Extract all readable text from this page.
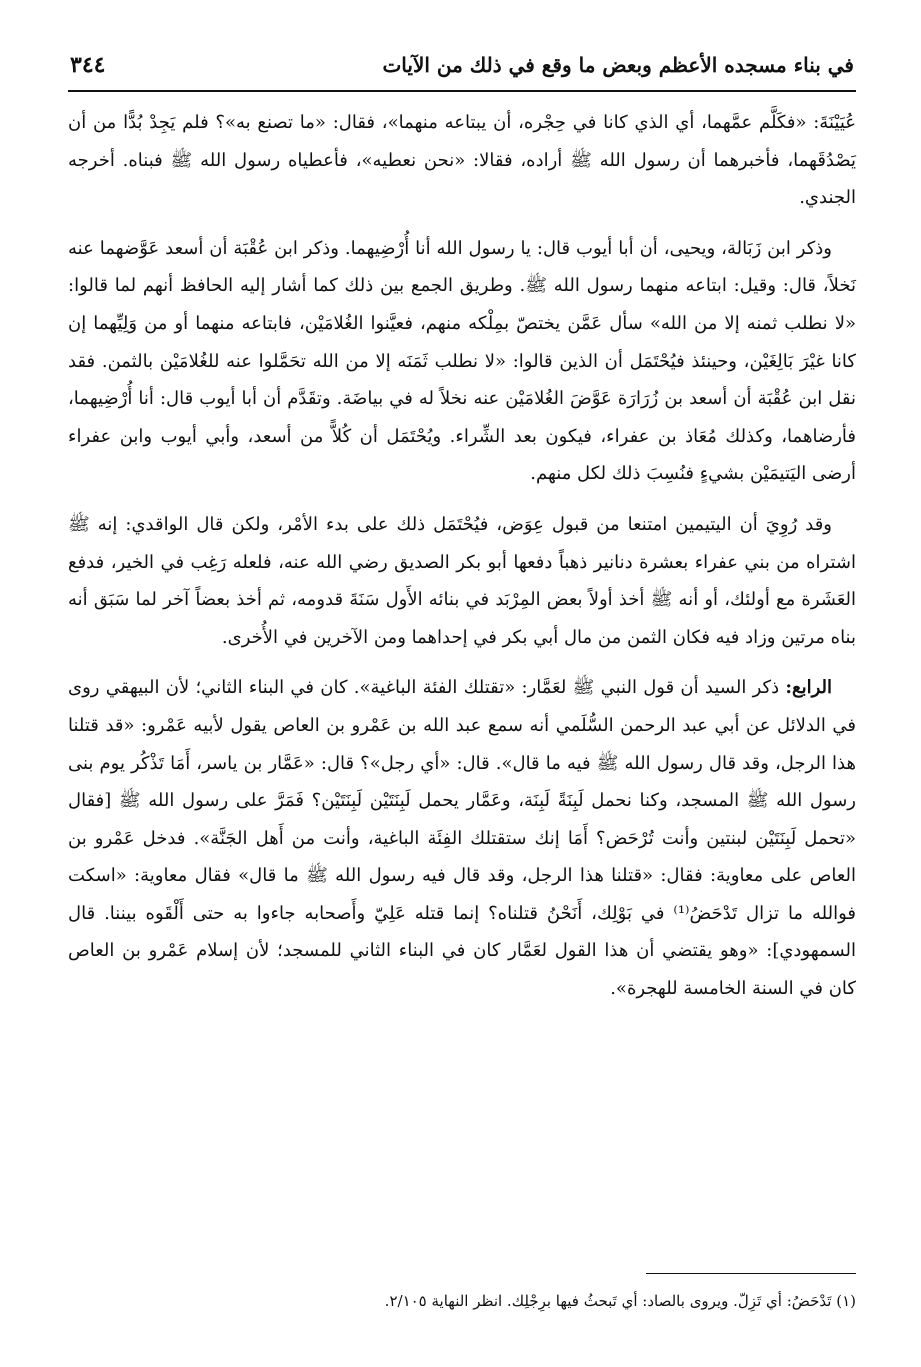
في بناء مسجده الأعظم وبعض ما وقع في ذلك من الآيات
٣٤٤

عُيَيْنَةَ: «فكَلَّم عمَّهما، أي الذي كانا في حِجْره، أن يبتاعه منهما»، فقال: «ما تصنع به»؟ فلم يَجِدْ بُدًّا من أن يَصْدُقَهما، فأخبرهما أن رسول الله ﷺ أراده، فقالا: «نحن نعطيه»، فأعطياه رسول الله ﷺ فبناه. أخرجه الجندي.

وذكر ابن زَبَالة، ويحيى، أن أبا أيوب قال: يا رسول الله أنا أُرْضِيهما. وذكر ابن عُقْبَة أن أسعد عَوَّضهما عنه نَخلاً، قال: وقيل: ابتاعه منهما رسول الله ﷺ. وطريق الجمع بين ذلك كما أشار إليه الحافظ أنهم لما قالوا: «لا نطلب ثمنه إلا من الله» سأل عَمَّن يختصّ بمِلْكه منهم، فعيَّنوا الغُلامَيْن، فابتاعه منهما أو من وَلِيِّهما إن كانا غيْرَ بَالِغَيْن، وحينئذ فيُحْتَمَل أن الذين قالوا: «لا نطلب ثَمَنَه إلا من الله تحَمَّلوا عنه للغُلامَيْن بالثمن. فقد نقل ابن عُقْبَة أن أسعد بن زُرَارَة عَوَّضَ الغُلامَيْن عنه نخلاً له في بياضَة. وتقَدَّم أن أبا أيوب قال: أنا أُرْضِيهما، فأرضاهما، وكذلك مُعَاذ بن عفراء، فيكون بعد الشِّراء. ويُحْتَمَل أن كُلاًّ من أسعد، وأبي أيوب وابن عفراء أرضى اليَتيمَيْن بشيءٍ فنُسِبَ ذلك لكل منهم.

وقد رُوِيَ أن اليتيمين امتنعا من قبول عِوَض، فيُحْتَمَل ذلك على بدء الأمْر، ولكن قال الواقدي: إنه ﷺ اشتراه من بني عفراء بعشرة دنانير ذهباً دفعها أبو بكر الصديق رضي الله عنه، فلعله رَغِب في الخير، فدفع العَشَرة مع أولئك، أو أنه ﷺ أخذ أولاً بعض المِرْبَد في بنائه الأَول سَنَةَ قدومه، ثم أخذ بعضاً آخر لما سَبَق أنه بناه مرتين وزاد فيه فكان الثمن من مال أبي بكر في إحداهما ومن الآخرين في الأُخرى.

الرابع: ذكر السيد أن قول النبي ﷺ لعَمَّار: «تقتلك الفئة الباغية». كان في البناء الثاني؛ لأن البيهقي روى في الدلائل عن أبي عبد الرحمن السُّلَمي أنه سمع عبد الله بن عَمْرو بن العاص يقول لأبيه عَمْرو: «قد قتلنا هذا الرجل، وقد قال رسول الله ﷺ فيه ما قال». قال: «أي رجل»؟ قال: «عَمَّار بن ياسر، أَمَا تَذْكُر يوم بنى رسول الله ﷺ المسجد، وكنا نحمل لَبِنَةً لَبِنَة، وعَمَّار يحمل لَبِنَتَيْن لَبِنَتَيْن؟ فَمَرَّ على رسول الله ﷺ [فقال «تحمل لَبِنَتَيْن لبنتين وأنت تُرْحَض؟ أَمَا إنك ستقتلك الفِئَة الباغية، وأنت من أَهل الجَنَّة». فدخل عَمْرو بن العاص على معاوية: فقال: «قتلنا هذا الرجل، وقد قال فيه رسول الله ﷺ ما قال» فقال معاوية: «اسكت فوالله ما تزال تَدْحَضُ⁽¹⁾ في بَوْلِك، أَنَحْنُ قتلناه؟ إنما قتله عَلِيّ وأَصحابه جاءوا به حتى أَلْقَوه بيننا. قال السمهودي]: «وهو يقتضي أن هذا القول لعَمَّار كان في البناء الثاني للمسجد؛ لأن إسلام عَمْرو بن العاص كان في السنة الخامسة للهجرة».

(١) تَدْحَضُ: أي تَزِلّ. ويروى بالصاد: أي تَبحثُ فيها برِجْلِك. انظر النهاية ٢/١٠٥.
